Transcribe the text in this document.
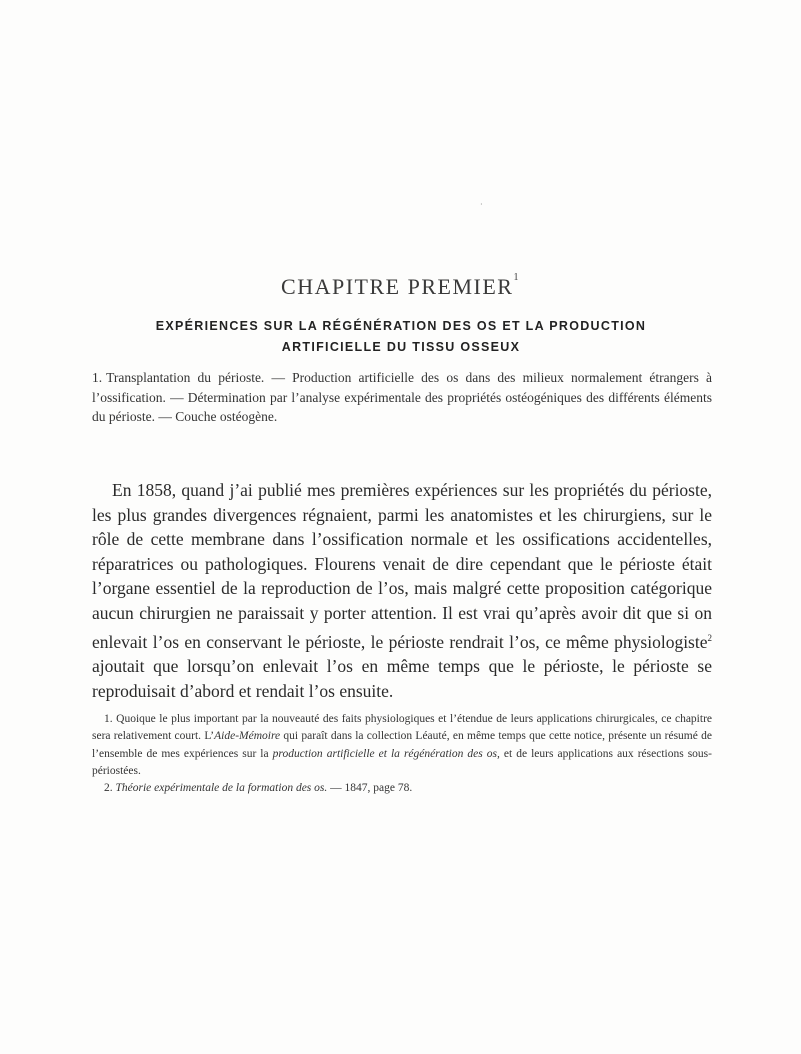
·
CHAPITRE PREMIER$^1$
EXPÉRIENCES SUR LA RÉGÉNÉRATION DES OS ET LA PRODUCTION
ARTIFICIELLE DU TISSU OSSEUX
1. Transplantation du périoste. — Production artificielle des os dans des milieux normalement étrangers à l’ossification. — Détermination par l’analyse expérimentale des propriétés ostéogéniques des différents éléments du périoste. — Couche ostéogène.
En 1858, quand j’ai publié mes premières expériences sur les propriétés du périoste, les plus grandes divergences régnaient, parmi les anatomistes et les chirurgiens, sur le rôle de cette membrane dans l’ossification normale et les ossifications accidentelles, réparatrices ou pathologiques. Flourens venait de dire cependant que le périoste était l’organe essentiel de la reproduction de l’os, mais malgré cette proposition catégorique aucun chirurgien ne paraissait y porter attention. Il est vrai qu’après avoir dit que si on enlevait l’os en conservant le périoste, le périoste rendrait l’os, ce même physiologiste$^2$ ajoutait que lorsqu’on enlevait l’os en même temps que le périoste, le périoste se reproduisait d’abord et rendait l’os ensuite.

1. Quoique le plus important par la nouveauté des faits physiologiques et l’étendue de leurs applications chirurgicales, ce chapitre sera relativement court. L’Aide-Mémoire qui paraît dans la collection Léauté, en même temps que cette notice, présente un résumé de l’ensemble de mes expériences sur la production artificielle et la régénération des os, et de leurs applications aux résections sous-périostées.

2. Théorie expérimentale de la formation des os. — 1847, page 78.
